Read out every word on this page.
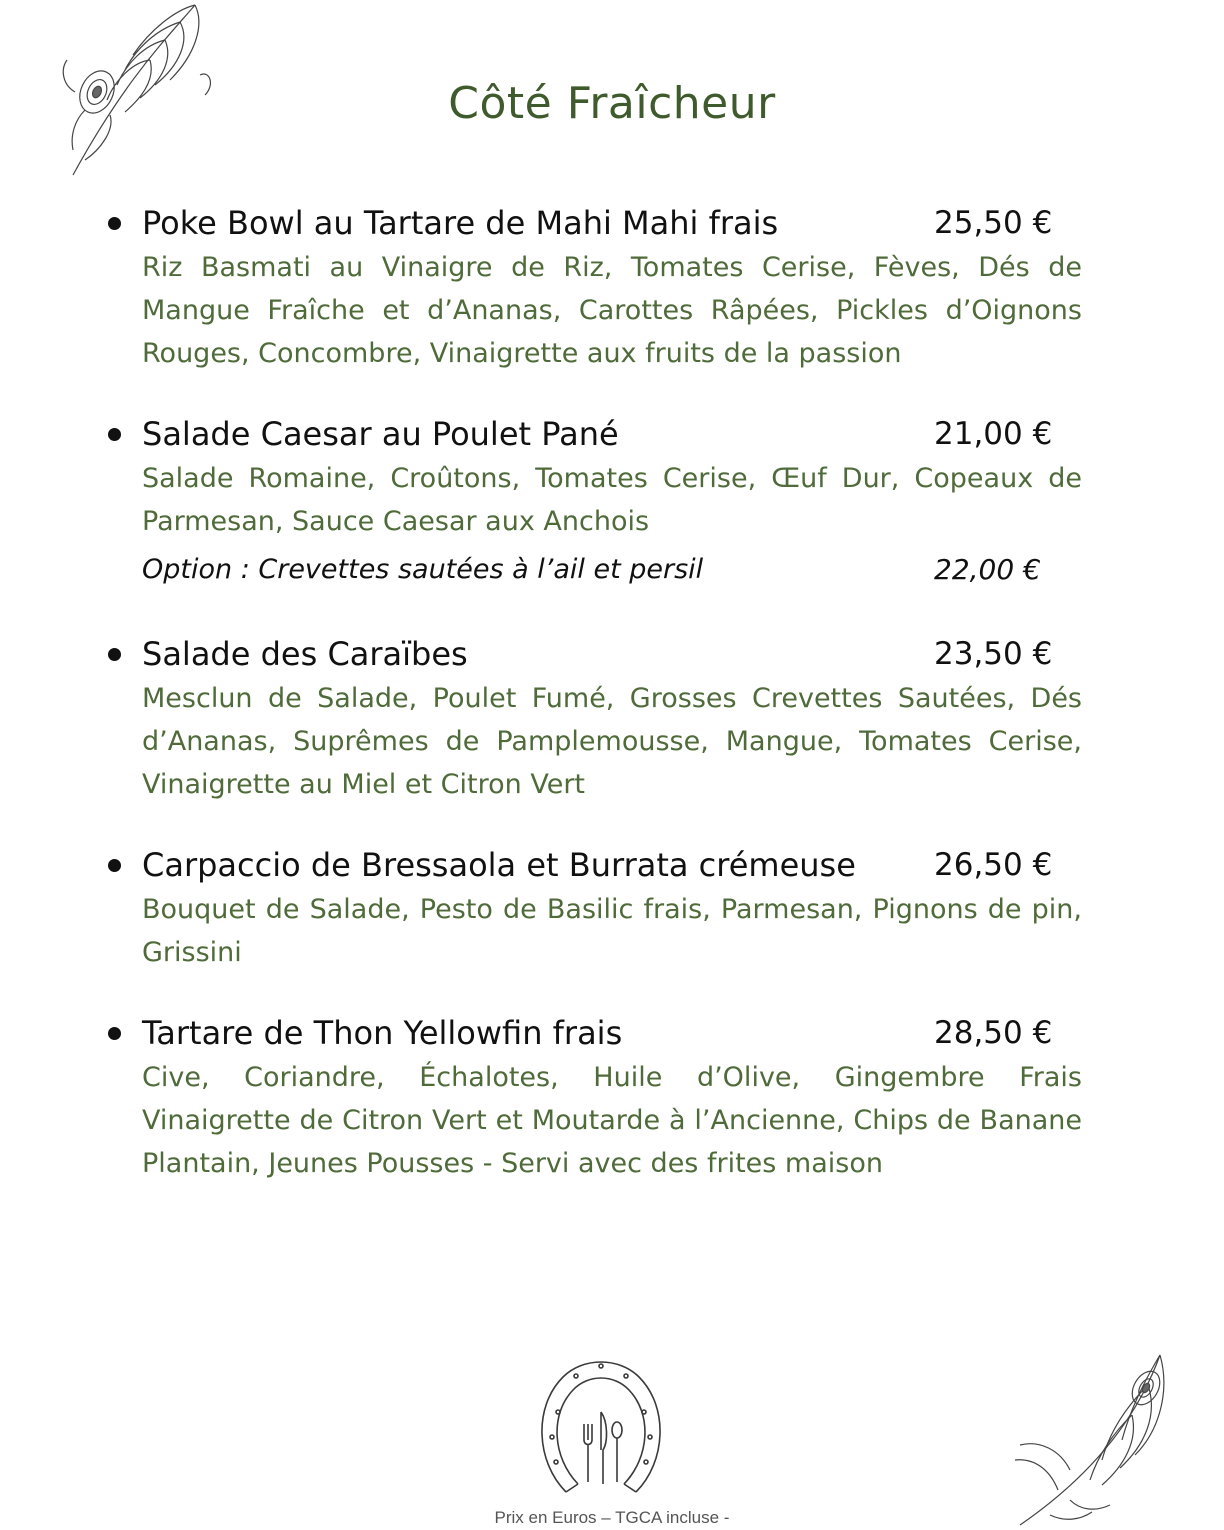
Côté Fraîcheur
Poke Bowl au Tartare de Mahi Mahi frais	25,50 €
Riz Basmati au Vinaigre de Riz, Tomates Cerise, Fèves, Dés de Mangue Fraîche et d’Ananas, Carottes Râpées, Pickles d’Oignons Rouges, Concombre, Vinaigrette aux fruits de la passion
Salade Caesar au Poulet Pané	21,00 €
Salade Romaine, Croûtons, Tomates Cerise, Œuf Dur, Copeaux de Parmesan, Sauce Caesar aux Anchois
Option : Crevettes sautées à l’ail et persil	22,00 €
Salade des Caraïbes	23,50 €
Mesclun de Salade, Poulet Fumé, Grosses Crevettes Sautées, Dés d’Ananas, Suprêmes de Pamplemousse, Mangue, Tomates Cerise, Vinaigrette au Miel et Citron Vert
Carpaccio de Bressaola et Burrata crémeuse	26,50 €
Bouquet de Salade, Pesto de Basilic frais, Parmesan, Pignons de pin, Grissini
Tartare de Thon Yellowfin frais	28,50 €
Cive, Coriandre, Échalotes, Huile d’Olive, Gingembre Frais Vinaigrette de Citron Vert et Moutarde à l’Ancienne, Chips de Banane Plantain, Jeunes Pousses - Servi avec des frites maison
Prix en Euros – TGCA incluse -
